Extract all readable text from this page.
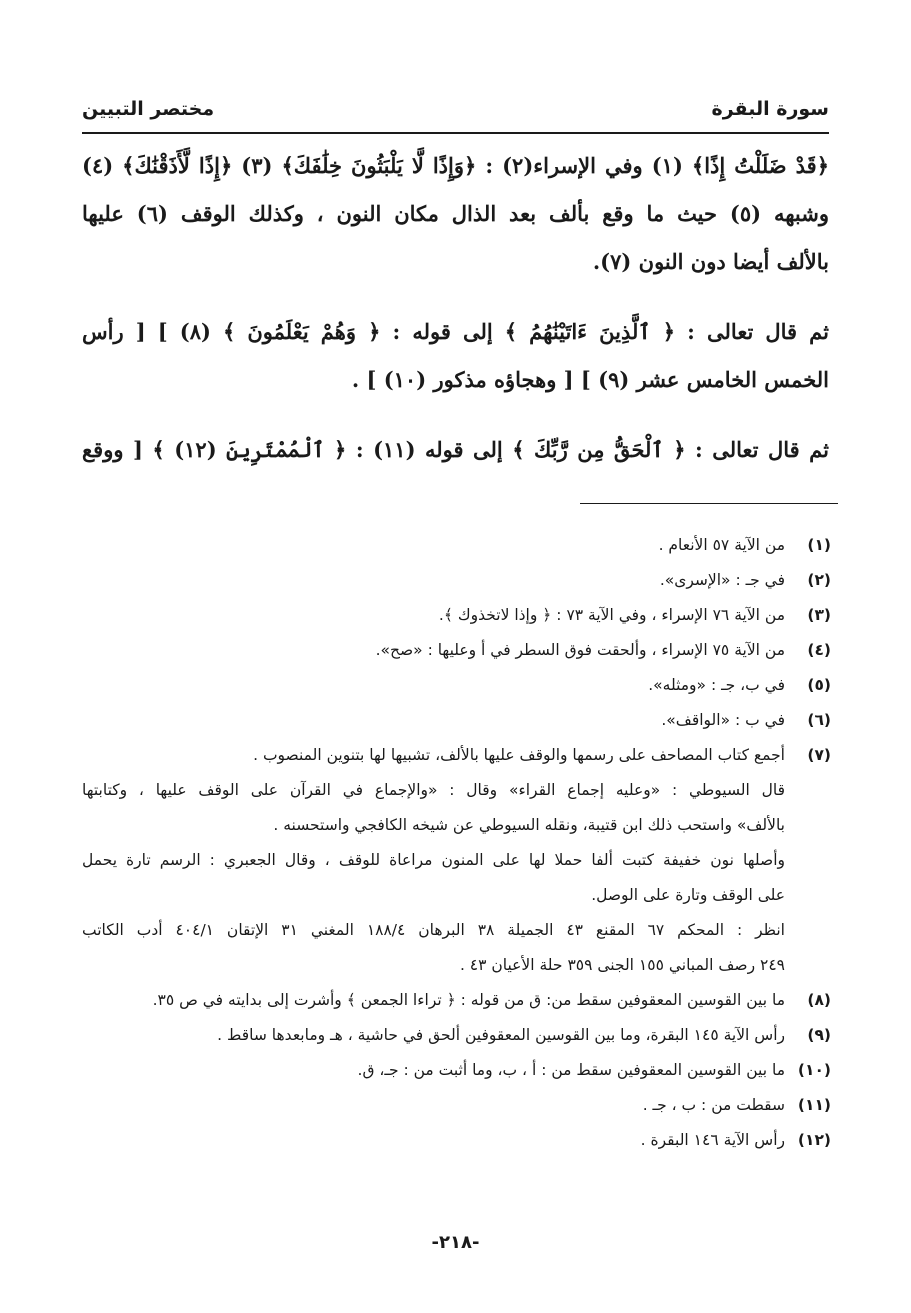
سورة البقرة
مختصر التبيين
﴿قَدْ ضَلَلْتُ إِذًا﴾ (١) وفي الإسراء(٢) : ﴿وَإِذًا لَّا يَلْبَثُونَ خِلَٰفَكَ﴾ (٣) ﴿إِذًا لَّأَذَقْنَٰكَ﴾ (٤)
وشبهه (٥) حيث ما وقع بألف بعد الذال مكان النون ، وكذلك الوقف (٦) عليها
بالألف أيضا دون النون (٧).
ثم قال تعالى : ﴿ ٱلَّذِينَ ءَاتَيْنَٰهُمُ ﴾ إلى قوله : ﴿ وَهُمْ يَعْلَمُونَ ﴾ (٨) ] [ رأس
الخمس الخامس عشر (٩) ] [ وهجاؤه مذكور (١٠) ] .
ثم قال تعالى : ﴿ ٱلْحَقُّ مِن رَّبِّكَ ﴾ إلى قوله (١١) : ﴿ ٱلْمُمْتَرِينَ (١٢) ﴾ [ ووقع
(١)من الآية ٥٧ الأنعام .
(٢)في جـ : «الإسرى».
(٣)من الآية ٧٦ الإسراء ، وفي الآية ٧٣ : ﴿ وإذا لاتخذوك ﴾.
(٤)من الآية ٧٥ الإسراء ، وألحقت فوق السطر في أ وعليها : «صح».
(٥)في ب، جـ : «ومثله».
(٦)في ب : «الواقف».
(٧)أجمع كتاب المصاحف على رسمها والوقف عليها بالألف، تشبيها لها بتنوين المنصوب .
قال السيوطي : «وعليه إجماع القراء» وقال : «والإجماع في القرآن على الوقف عليها ، وكتابتها
بالألف» واستحب ذلك ابن قتيبة، ونقله السيوطي عن شيخه الكافجي واستحسنه .
وأصلها نون خفيفة كتبت ألفا حملا لها على المنون مراعاة للوقف ، وقال الجعبري : الرسم تارة يحمل
على الوقف وتارة على الوصل.
انظر : المحكم ٦٧ المقنع ٤٣ الجميلة ٣٨ البرهان ١٨٨/٤ المغني ٣١ الإتقان ٤٠٤/١ أدب الكاتب
٢٤٩ رصف المباني ١٥٥ الجنى ٣٥٩ حلة الأعيان ٤٣ .
(٨)ما بين القوسين المعقوفين سقط من: ق من قوله : ﴿ تراءا الجمعن ﴾ وأشرت إلى بدايته في ص ٣٥.
(٩)رأس الآية ١٤٥ البقرة، وما بين القوسين المعقوفين ألحق في حاشية ، هـ ومابعدها ساقط .
(١٠)ما بين القوسين المعقوفين سقط من : أ ، ب، وما أثبت من : جـ، ق.
(١١)سقطت من : ب ، جـ .
(١٢)رأس الآية ١٤٦ البقرة .
-٢١٨-
